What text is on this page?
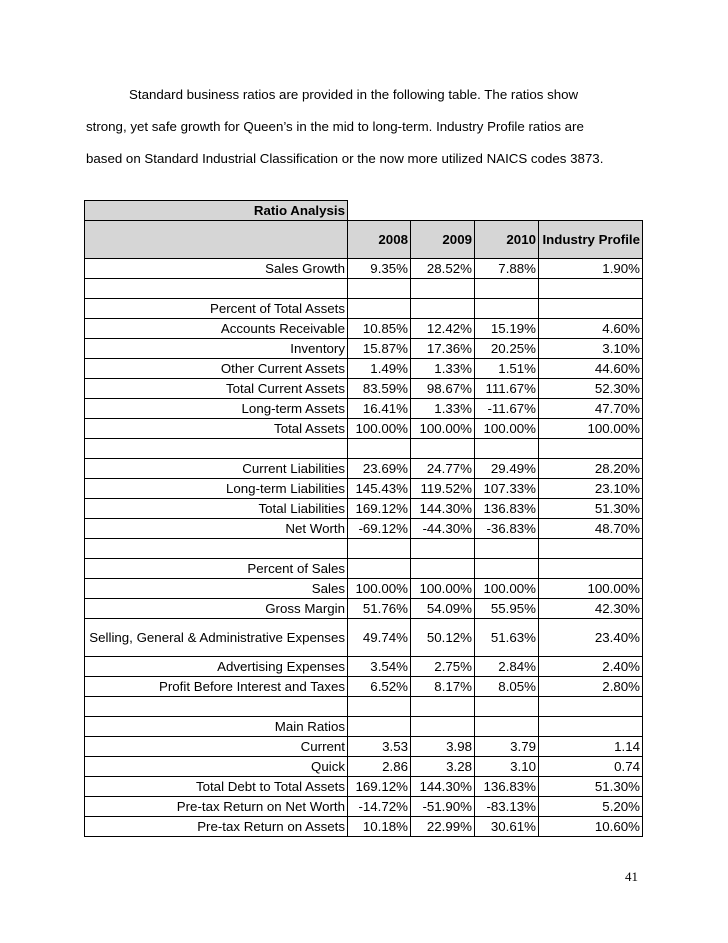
Standard business ratios are provided in the following table. The ratios show

strong, yet safe growth for Queen’s in the mid to long-term. Industry Profile ratios are

based on Standard Industrial Classification or the now more utilized NAICS codes 3873.

Ratio Analysis				
	2008	2009	2010	Industry Profile
Sales Growth	9.35%	28.52%	7.88%	1.90%

Percent of Total Assets				
Accounts Receivable	10.85%	12.42%	15.19%	4.60%
Inventory	15.87%	17.36%	20.25%	3.10%
Other Current Assets	1.49%	1.33%	1.51%	44.60%
Total Current Assets	83.59%	98.67%	111.67%	52.30%
Long-term Assets	16.41%	1.33%	-11.67%	47.70%
Total Assets	100.00%	100.00%	100.00%	100.00%

Current Liabilities	23.69%	24.77%	29.49%	28.20%
Long-term Liabilities	145.43%	119.52%	107.33%	23.10%
Total Liabilities	169.12%	144.30%	136.83%	51.30%
Net Worth	-69.12%	-44.30%	-36.83%	48.70%

Percent of Sales				
Sales	100.00%	100.00%	100.00%	100.00%
Gross Margin	51.76%	54.09%	55.95%	42.30%
Selling, General & Administrative Expenses	49.74%	50.12%	51.63%	23.40%
Advertising Expenses	3.54%	2.75%	2.84%	2.40%
Profit Before Interest and Taxes	6.52%	8.17%	8.05%	2.80%

Main Ratios				
Current	3.53	3.98	3.79	1.14
Quick	2.86	3.28	3.10	0.74
Total Debt to Total Assets	169.12%	144.30%	136.83%	51.30%
Pre-tax Return on Net Worth	-14.72%	-51.90%	-83.13%	5.20%
Pre-tax Return on Assets	10.18%	22.99%	30.61%	10.60%
41
